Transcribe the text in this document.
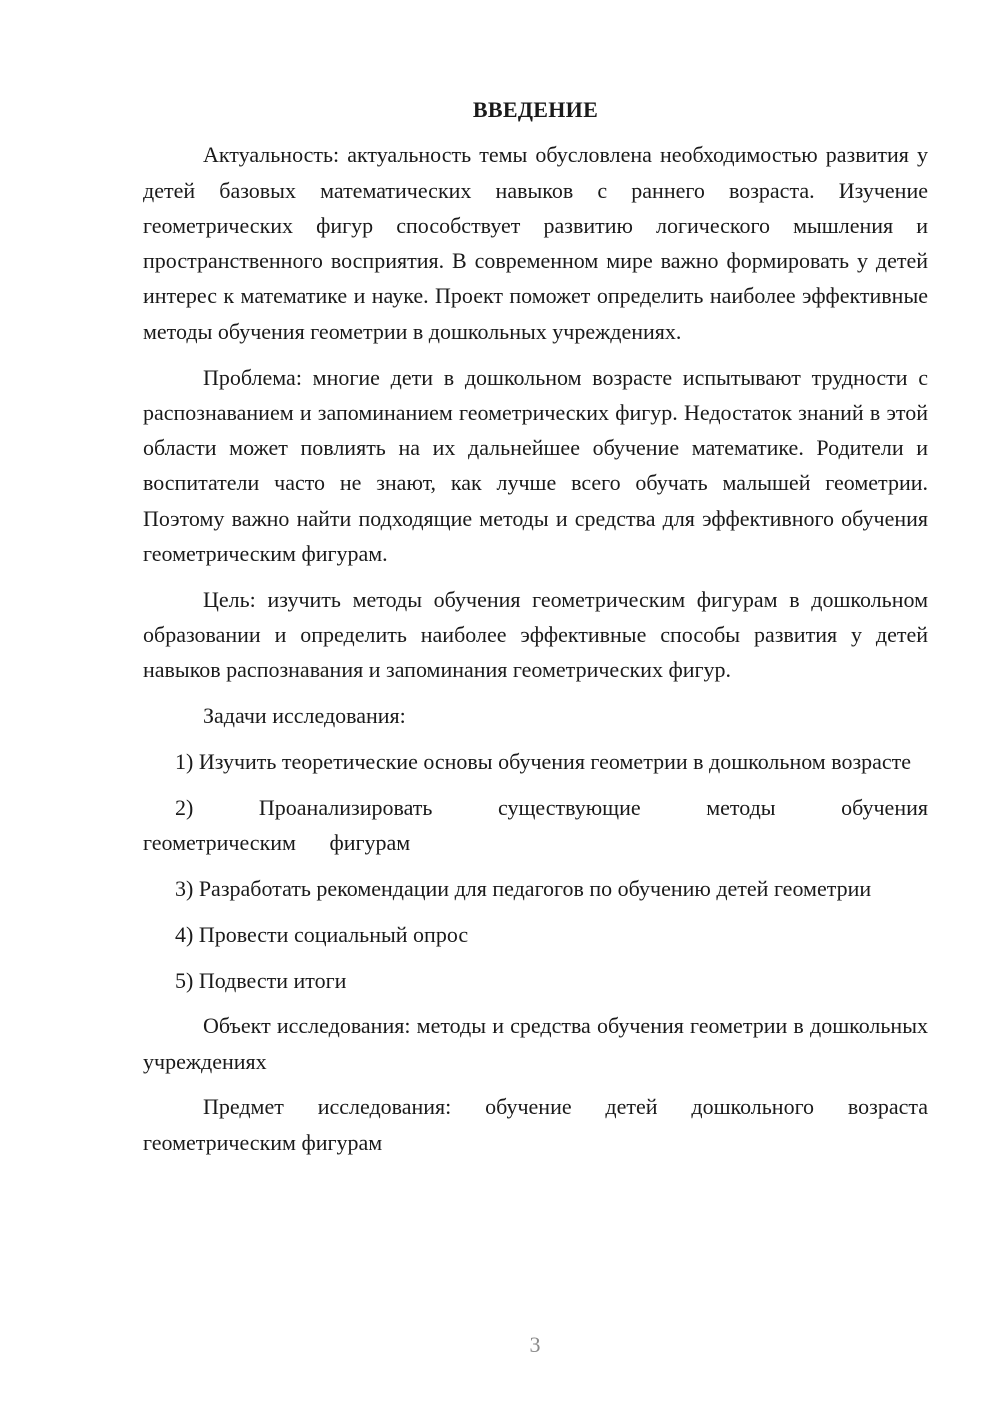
ВВЕДЕНИЕ

Актуальность: актуальность темы обусловлена необходимостью развития у детей базовых математических навыков с раннего возраста. Изучение геометрических фигур способствует развитию логического мышления и пространственного восприятия. В современном мире важно формировать у детей интерес к математике и науке. Проект поможет определить наиболее эффективные методы обучения геометрии в дошкольных учреждениях.

Проблема: многие дети в дошкольном возрасте испытывают трудности с распознаванием и запоминанием геометрических фигур. Недостаток знаний в этой области может повлиять на их дальнейшее обучение математике. Родители и воспитатели часто не знают, как лучше всего обучать малышей геометрии. Поэтому важно найти подходящие методы и средства для эффективного обучения геометрическим фигурам.

Цель: изучить методы обучения геометрическим фигурам в дошкольном образовании и определить наиболее эффективные способы развития у детей навыков распознавания и запоминания геометрических фигур.

Задачи исследования:

1) Изучить теоретические основы обучения геометрии в дошкольном возрасте

2) Проанализировать существующие методы обучения геометрическим фигурам

3) Разработать рекомендации для педагогов по обучению детей геометрии

4) Провести социальный опрос

5) Подвести итоги

Объект исследования: методы и средства обучения геометрии в дошкольных учреждениях

Предмет исследования: обучение детей дошкольного возраста геометрическим фигурам

3
